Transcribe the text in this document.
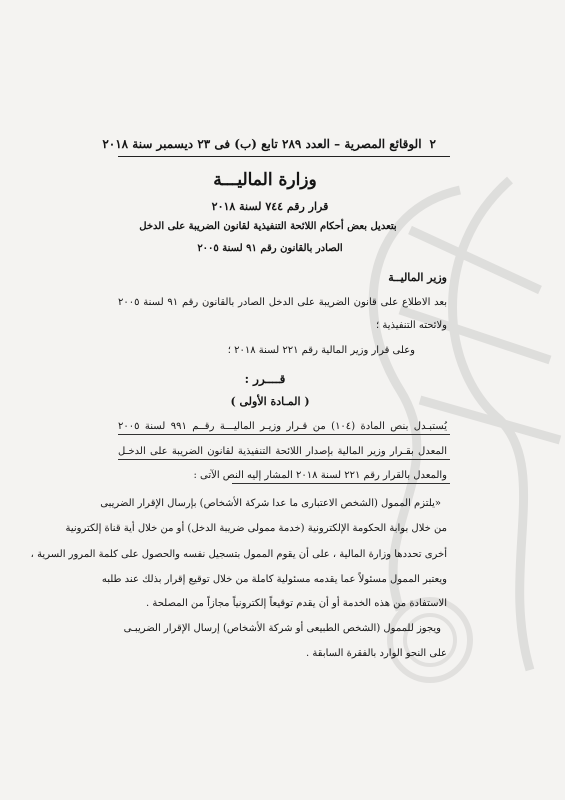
٢
الوقائع المصرية – العدد ٢٨٩ تابع (ب) فى ٢٣ ديسمبر سنة ٢٠١٨
وزارة الماليـــة
قرار رقم ٧٤٤ لسنة ٢٠١٨
بتعديل بعض أحكام اللائحة التنفيذية لقانون الضريبة على الدخل
الصادر بالقانون رقم ٩١ لسنة ٢٠٠٥
وزير الماليــة
بعد الاطلاع على قانون الضريبة على الدخل الصادر بالقانون رقم ٩١ لسنة ٢٠٠٥
ولائحته التنفيذية ؛
وعلى قرار وزير المالية رقم ٢٢١ لسنة ٢٠١٨ ؛
قــــرر :
( المـادة الأولى )
يُستبـدل بنص المادة (١٠٤) من قـرار وزيـر الماليـــة رقــم ٩٩١ لسنة ٢٠٠٥
المعدل بقـرار وزير المالية بإصدار اللائحة التنفيذية لقانون الضريبة على الدخـل
والمعدل بالقرار رقم ٢٢١ لسنة ٢٠١٨ المشار إليه النص الآتى :
«يلتزم الممول (الشخص الاعتبارى ما عدا شركة الأشخاص) بإرسال الإقرار الضريبى
من خلال بوابة الحكومة الإلكترونية (خدمة ممولى ضريبة الدخل) أو من خلال أية قناة إلكترونية
أخرى تحددها وزارة المالية ، على أن يقوم الممول بتسجيل نفسه والحصول على كلمة المرور السرية ،
ويعتبر الممول مسئولاً عما يقدمه مسئولية كاملة من خلال توقيع إقرار بذلك عند طلبه
الاستفادة من هذه الخدمة أو أن يقدم توقيعاً إلكترونياً مجازاً من المصلحة .
ويجوز للممول (الشخص الطبيعى أو شركة الأشخاص) إرسال الإقرار الضريبـى
على النحو الوارد بالفقرة السابقة .
